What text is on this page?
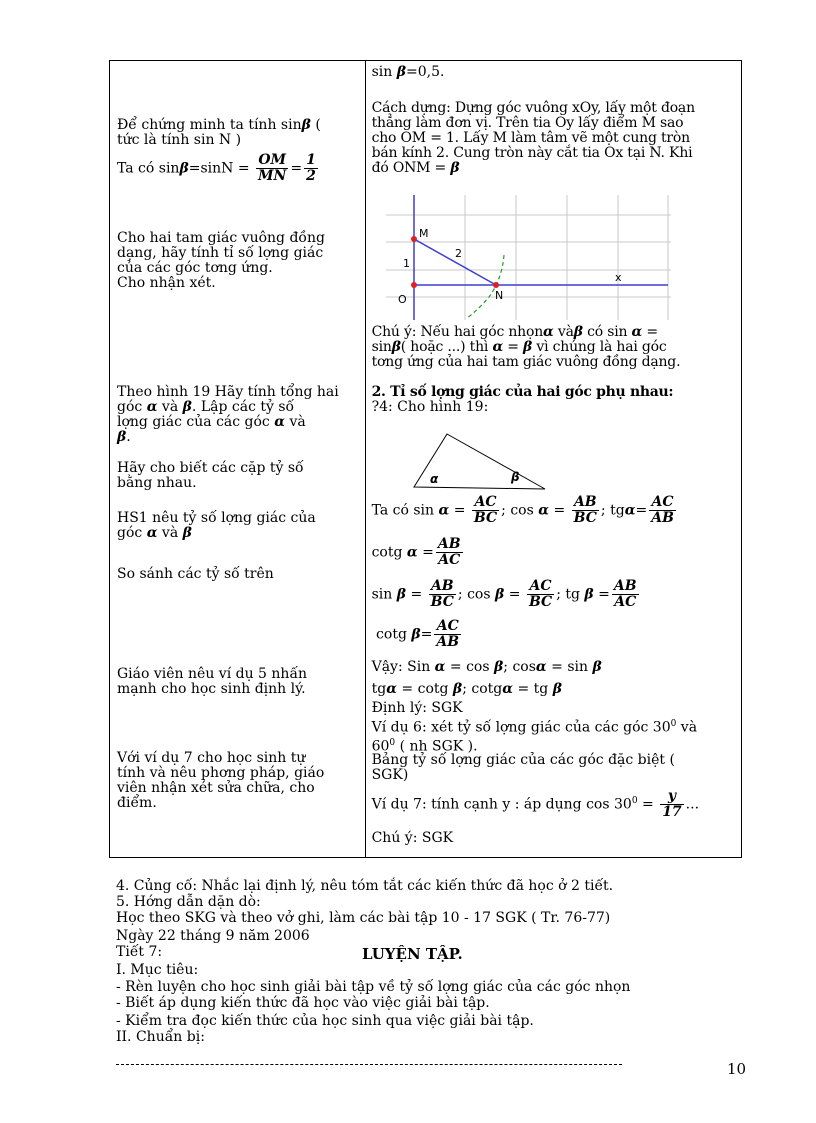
Để chứng minh ta tính sinβ (
tức là tính sin N )
Ta có $\sin\beta=\sin N = \frac{OM}{MN} = \frac{1}{2}$
Cho hai tam giác vuông đồng
dạng, hãy tính tỉ số lợng giác
của các góc tơng ứng.
Cho nhận xét.
Theo hình 19 Hãy tính tổng hai
góc α và β. Lập các tỷ số
lợng giác của các góc α và
β.
Hãy cho biết các cặp tỷ số
bằng nhau.
HS1 nêu tỷ số lợng giác của
góc α và β
So sánh các tỷ số trên
Giáo viên nêu ví dụ 5 nhấn
mạnh cho học sinh định lý.
Với ví dụ 7 cho học sinh tự
tính và nêu phơng pháp, giáo
viên nhận xét sửa chữa, cho
điểm.

sin β=0,5.
Cách dựng: Dựng góc vuông xOy, lấy một đoạn
thẳng làm đơn vị. Trên tia Oy lấy điểm M sao
cho OM = 1. Lấy M làm tâm vẽ một cung tròn
bán kính 2. Cung tròn này cắt tia Ox tại N. Khi
đó ONM = β
M
O	N
x
1
2
Chú ý: Nếu hai góc nhọnα vàβ có sin α =
sinβ( hoặc ...) thì α = β vì chúng là hai góc
tơng ứng của hai tam giác vuông đồng dạng.
2. Tỉ số lợng giác của hai góc phụ nhau:
?4: Cho hình 19:
α	β
Ta có $\sin \alpha = \frac{AC}{BC}$ ; $\cos \alpha = \frac{AB}{BC}$ ; $tg\alpha= \frac{AC}{AB}$
cotg $\alpha = \frac{AB}{AC}$
$\sin \beta = \frac{AB}{BC}$ ; $\cos \beta = \frac{AC}{BC}$ ; tg $\beta = \frac{AB}{AC}$
cotg $\beta= \frac{AC}{AB}$
Vậy: Sin α = cos β; cosα = sin β
tgα = cotg β; cotgα = tg β
Định lý: SGK
Ví dụ 6: xét tỷ số lợng giác của các góc $30^0$ và
$60^0$ ( nh SGK ).
Bảng tỷ số lợng giác của các góc đặc biệt (
SGK)
Ví dụ 7: tính cạnh y : áp dụng $\cos 30^0 = \frac{y}{17}$ ...
Chú ý: SGK
4. Củng cố: Nhắc lại định lý, nêu tóm tắt các kiến thức đã học ở 2 tiết.
5. Hớng dẫn dặn dò:
Học theo SKG và theo vở ghi, làm các bài tập 10 - 17 SGK ( Tr. 76-77)
Ngày 22 tháng 9 năm 2006
Tiết 7:	LUYỆN TẬP.
I. Mục tiêu:
- Rèn luyện cho học sinh giải bài tập về tỷ số lợng giác của các góc nhọn
- Biết áp dụng kiến thức đã học vào việc giải bài tập.
- Kiểm tra đọc kiến thức của học sinh qua việc giải bài tập.
II. Chuẩn bị:
10
